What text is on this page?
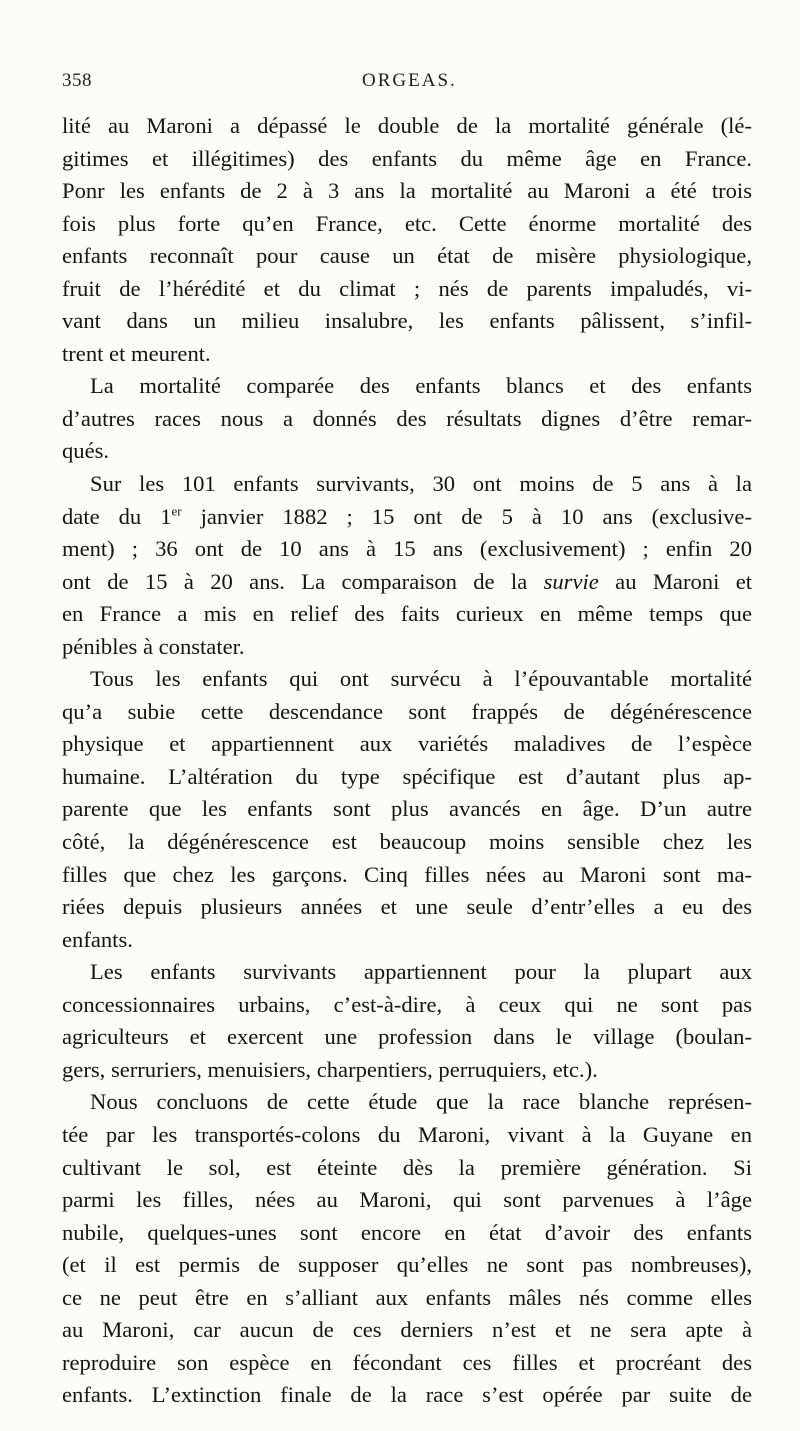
358	ORGEAS.

lité au Maroni a dépassé le double de la mortalité générale (lé-
gitimes et illégitimes) des enfants du même âge en France.
Ponr les enfants de 2 à 3 ans la mortalité au Maroni a été trois
fois plus forte qu’en France, etc. Cette énorme mortalité des
enfants reconnaît pour cause un état de misère physiologique,
fruit de l’hérédité et du climat ; nés de parents impaludés, vi-
vant dans un milieu insalubre, les enfants pâlissent, s’infil-
trent et meurent.

La mortalité comparée des enfants blancs et des enfants
d’autres races nous a donnés des résultats dignes d’être remar-
qués.

Sur les 101 enfants survivants, 30 ont moins de 5 ans à la
date du 1er janvier 1882 ; 15 ont de 5 à 10 ans (exclusive-
ment) ; 36 ont de 10 ans à 15 ans (exclusivement) ; enfin 20
ont de 15 à 20 ans. La comparaison de la survie au Maroni et
en France a mis en relief des faits curieux en même temps que
pénibles à constater.

Tous les enfants qui ont survécu à l’épouvantable mortalité
qu’a subie cette descendance sont frappés de dégénérescence
physique et appartiennent aux variétés maladives de l’espèce
humaine. L’altération du type spécifique est d’autant plus ap-
parente que les enfants sont plus avancés en âge. D’un autre
côté, la dégénérescence est beaucoup moins sensible chez les
filles que chez les garçons. Cinq filles nées au Maroni sont ma-
riées depuis plusieurs années et une seule d’entr’elles a eu des
enfants.

Les enfants survivants appartiennent pour la plupart aux
concessionnaires urbains, c’est-à-dire, à ceux qui ne sont pas
agriculteurs et exercent une profession dans le village (boulan-
gers, serruriers, menuisiers, charpentiers, perruquiers, etc.).

Nous concluons de cette étude que la race blanche représen-
tée par les transportés-colons du Maroni, vivant à la Guyane en
cultivant le sol, est éteinte dès la première génération. Si
parmi les filles, nées au Maroni, qui sont parvenues à l’âge
nubile, quelques-unes sont encore en état d’avoir des enfants
(et il est permis de supposer qu’elles ne sont pas nombreuses),
ce ne peut être en s’alliant aux enfants mâles nés comme elles
au Maroni, car aucun de ces derniers n’est et ne sera apte à
reproduire son espèce en fécondant ces filles et procréant des
enfants. L’extinction finale de la race s’est opérée par suite de
